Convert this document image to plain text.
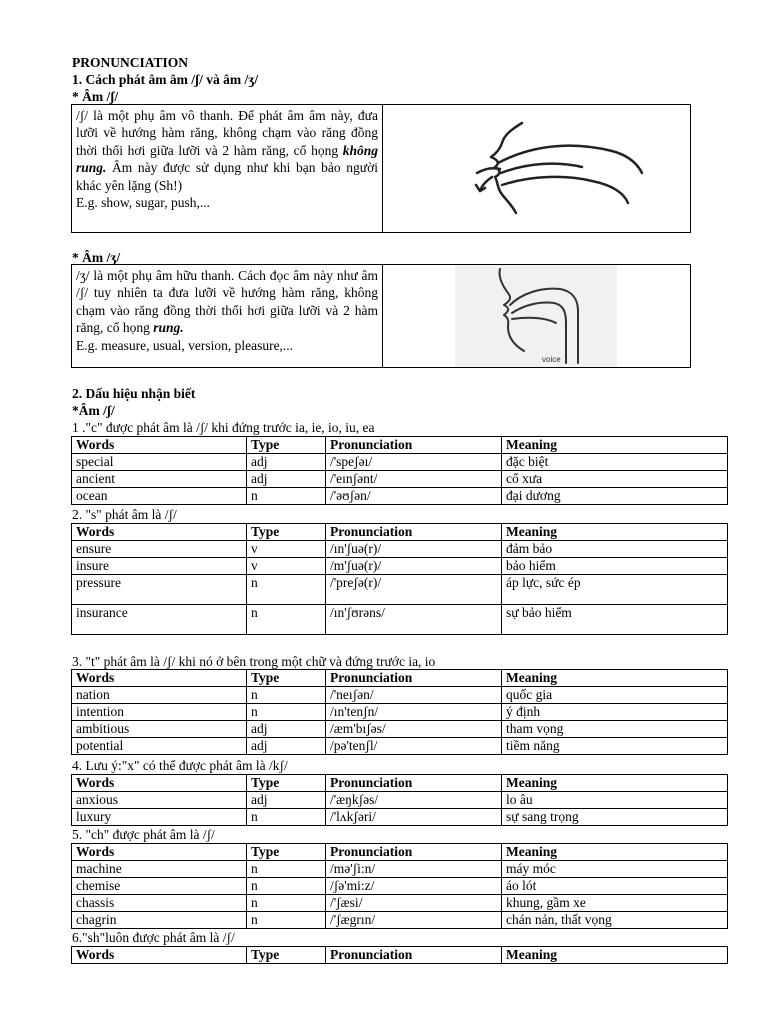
PRONUNCIATION
1. Cách phát âm âm /ʃ/ và âm /ʒ/
* Âm /ʃ/
/ʃ/ là một phụ âm vô thanh. Để phát âm âm này, đưa lưỡi về hướng hàm răng, không chạm vào răng đồng thời thổi hơi giữa lưỡi và 2 hàm răng, cổ họng không rung. Âm này được sử dụng như khi bạn bảo người khác yên lặng (Sh!)
E.g. show, sugar, push,...
* Âm /ʒ/
/ʒ/ là một phụ âm hữu thanh. Cách đọc âm này như âm /ʃ/ tuy nhiên ta đưa lưỡi về hướng hàm răng, không chạm vào răng đồng thời thổi hơi giữa lưỡi và 2 hàm răng, cổ họng rung.
E.g. measure, usual, version, pleasure,...
voice
2. Dấu hiệu nhận biết
*Âm /ʃ/
1 ."c" được phát âm là /ʃ/ khi đứng trước ia, ie, io, iu, ea
Words	Type	Pronunciation	Meaning
special	adj	/'speʃəı/	đặc biệt
ancient	adj	/'eınʃənt/	cổ xưa
ocean	n	/'əʊʃən/	đại dương
2. "s" phát âm là /ʃ/
Words	Type	Pronunciation	Meaning
ensure	v	/ın'ʃuə(r)/	đảm bảo
insure	v	/m'ʃuə(r)/	bảo hiểm
pressure	n	/'preʃə(r)/	áp lực, sức ép
insurance	n	/ın'ʃʊrəns/	sự bảo hiểm
3. "t" phát âm là /ʃ/ khi nó ở bên trong một chữ và đứng trước ia, io
Words	Type	Pronunciation	Meaning
nation	n	/'neıʃən/	quốc gia
intention	n	/ın'tenʃn/	ý định
ambitious	adj	/æm'bıʃəs/	tham vọng
potential	adj	/pə'tenʃl/	tiềm năng
4. Lưu ý:"x" có thể được phát âm là /kʃ/
Words	Type	Pronunciation	Meaning
anxious	adj	/'æŋkʃəs/	lo âu
luxury	n	/'lʌkʃəri/	sự sang trọng
5. "ch" được phát âm là /ʃ/
Words	Type	Pronunciation	Meaning
machine	n	/mə'ʃi:n/	máy móc
chemise	n	/ʃə'mi:z/	áo lót
chassis	n	/'ʃæsi/	khung, gầm xe
chagrin	n	/'ʃægrın/	chán nản, thất vọng
6."sh"luôn được phát âm là /ʃ/
Words	Type	Pronunciation	Meaning
